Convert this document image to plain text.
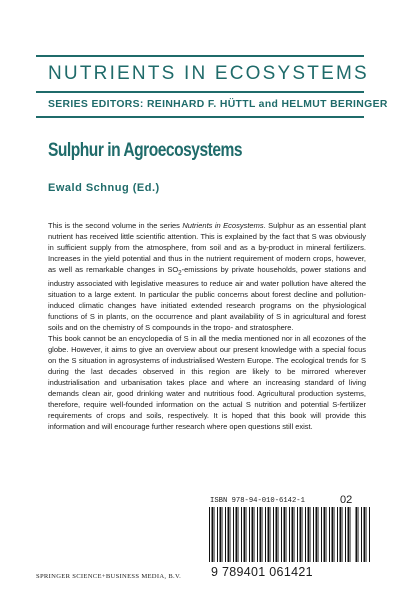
NUTRIENTS IN ECOSYSTEMS
SERIES EDITORS: REINHARD F. HÜTTL and HELMUT BERINGER
Sulphur in Agroecosystems
Ewald Schnug (Ed.)

This is the second volume in the series Nutrients in Ecosystems. Sulphur as an essential plant nutrient has received little scientific attention. This is explained by the fact that S was obviously in sufficient supply from the atmosphere, from soil and as a by-product in mineral fertilizers. Increases in the yield potential and thus in the nutrient requirement of modern crops, however, as well as remarkable changes in $SO_2$-emissions by private households, power stations and industry associated with legislative measures to reduce air and water pollution have altered the situation to a large extent. In particular the public concerns about forest decline and pollution-induced climatic changes have initiated extended research programs on the physiological functions of S in plants, on the occurrence and plant availability of S in agricultural and forest soils and on the chemistry of S compounds in the tropo- and stratosphere.

This book cannot be an encyclopedia of S in all the media mentioned nor in all ecozones of the globe. However, it aims to give an overview about our present knowledge with a special focus on the S situation in agrosystems of industrialised Western Europe. The ecological trends for S during the last decades observed in this region are likely to be mirrored wherever industrialisation and urbanisation takes place and where an increasing standard of living demands clean air, good drinking water and nutritious food. Agricultural production systems, therefore, require well-founded information on the actual S nutrition and potential S-fertilizer requirements of crops and soils, respectively. It is hoped that this book will provide this information and will encourage further research where open questions still exist.

ISBN 978-94-010-6142-1	02
9 789401 061421
SPRINGER SCIENCE+BUSINESS MEDIA, B.V.
